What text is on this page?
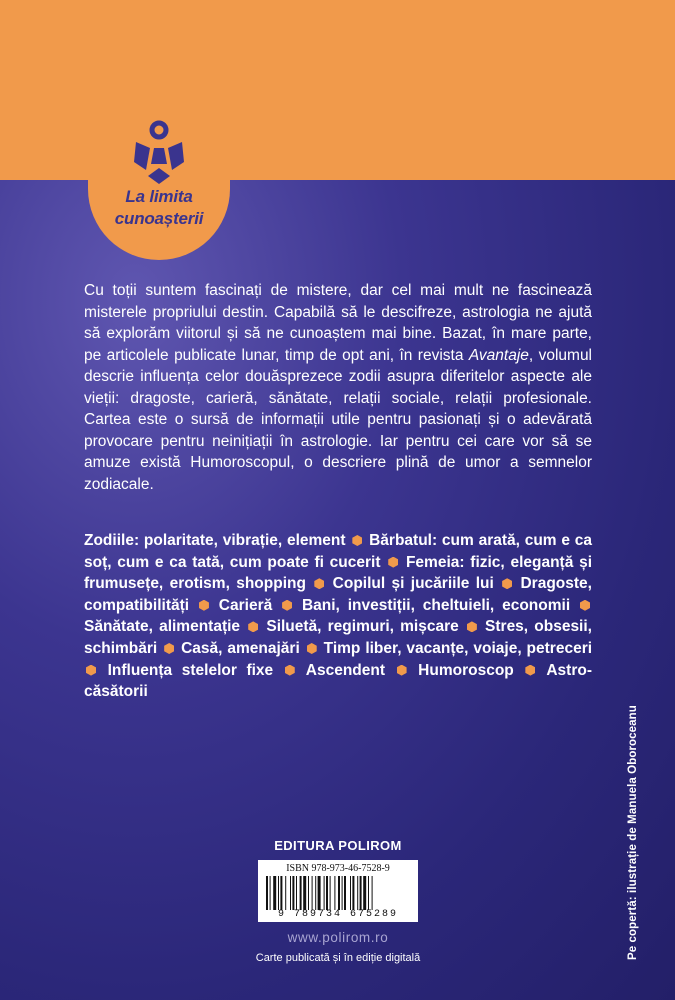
La limita
cunoașterii
Cu toții suntem fascinați de mistere, dar cel mai mult ne fascinează misterele propriului destin. Capabilă să le descifreze, astrologia ne ajută să explorăm viitorul și să ne cunoaștem mai bine. Bazat, în mare parte, pe articolele publicate lunar, timp de opt ani, în revista Avantaje, volumul descrie influența celor douăsprezece zodii asupra diferitelor aspecte ale vieții: dragoste, carieră, sănătate, relații sociale, relații profesionale. Cartea este o sursă de informații utile pentru pasionați și o adevărată provocare pentru neinițiații în astrologie. Iar pentru cei care vor să se amuze există Humoroscopul, o descriere plină de umor a semnelor zodiacale.
Zodiile: polaritate, vibrație, element Bărbatul: cum arată, cum e ca soț, cum e ca tată, cum poate fi cucerit Femeia: fizic, eleganță și frumusețe, erotism, shopping Copilul și jucăriile lui Dragoste, compatibilități Carieră Bani, investiții, cheltuieli, economii  Sănătate, alimentație Siluetă, regimuri, mișcare Stres, obsesii, schimbări Casă, amenajări Timp liber, vacanțe, voiaje, petreceri  Influența stelelor fixe Ascendent Humoroscop Astro-căsătorii
EDITURA POLIROM
ISBN 978-973-46-7528-9
9 789734 675289
www.polirom.ro
Carte publicată și în ediție digitală	Pe copertă: ilustrație de Manuela Oboroceanu
